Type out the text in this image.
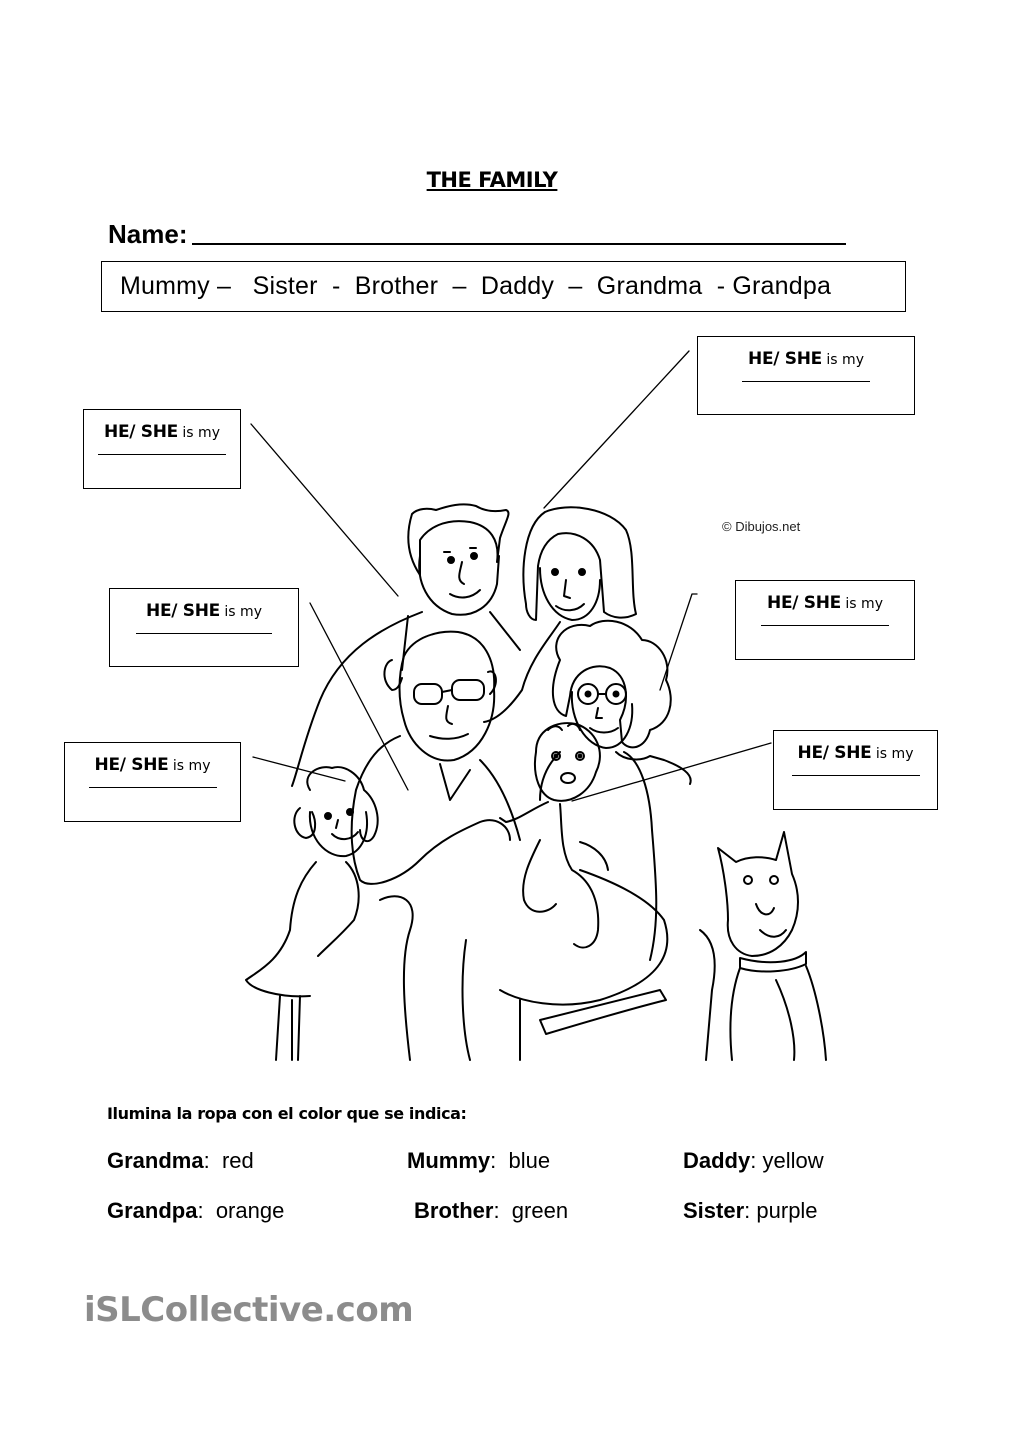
THE FAMILY
Name:
Mummy –   Sister  -  Brother  –  Daddy  –  Grandma  - Grandpa
© Dibujos.net
HE/ SHE is my
HE/ SHE is my
HE/ SHE is my	HE/ SHE is my
HE/ SHE is my
HE/ SHE is my
Ilumina la ropa con el color que se indica:
Grandma:  red	Mummy:  blue	Daddy: yellow
Grandpa:  orange	Brother:  green	Sister: purple
iSLCollective.com
